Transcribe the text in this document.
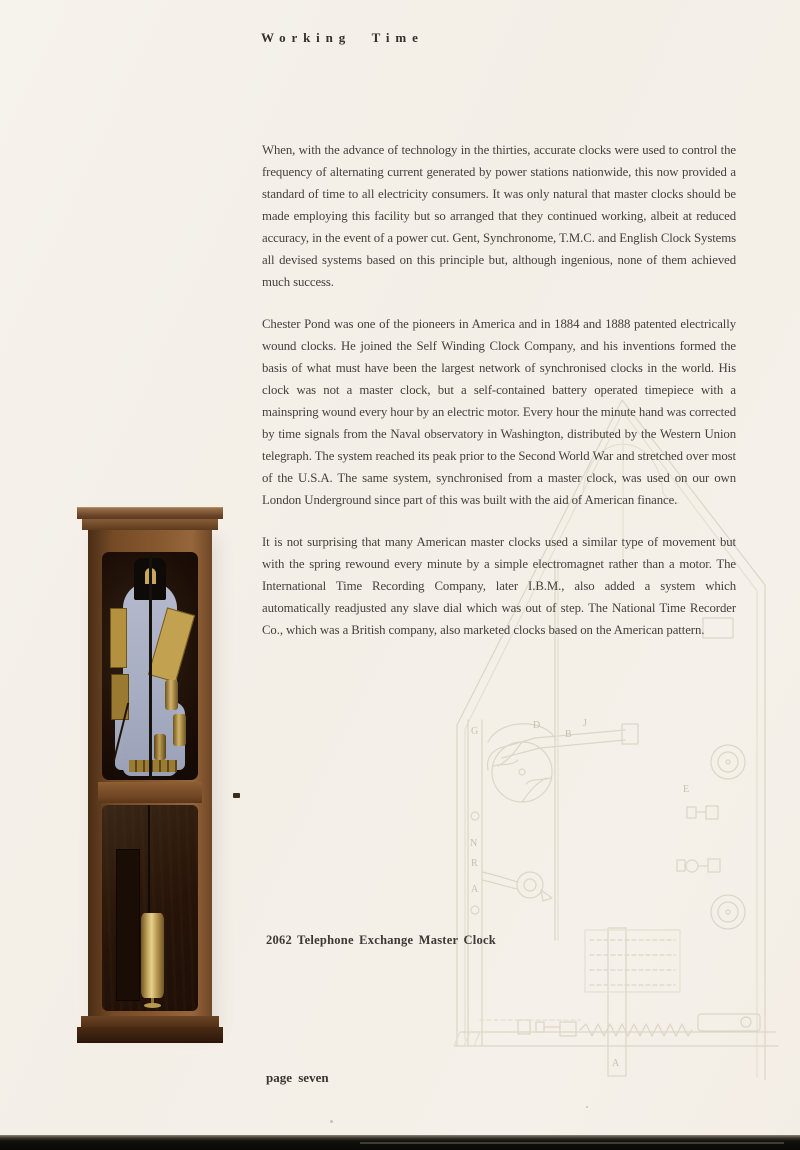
G
N
R
A
D
B
J
A
E
Working Time

When, with the advance of technology in the thirties, accurate clocks were used to control the frequency of alternating current generated by power stations nationwide, this now provided a standard of time to all electricity consumers. It was only natural that master clocks should be made employing this facility but so arranged that they continued working, albeit at reduced accuracy, in the event of a power cut. Gent, Synchronome, T.M.C. and English Clock Systems all devised systems based on this principle but, although ingenious, none of them achieved much success.

Chester Pond was one of the pioneers in America and in 1884 and 1888 patented electrically wound clocks. He joined the Self Winding Clock Company, and his inventions formed the basis of what must have been the largest network of synchronised clocks in the world. His clock was not a master clock, but a self-contained battery operated timepiece with a mainspring wound every hour by an electric motor. Every hour the minute hand was corrected by time signals from the Naval observatory in Washington, distributed by the Western Union telegraph. The system reached its peak prior to the Second World War and stretched over most of the U.S.A. The same system, synchronised from a master clock, was used on our own London Underground since part of this was built with the aid of American finance.

It is not surprising that many American master clocks used a similar type of movement but with the spring rewound every minute by a simple electromagnet rather than a motor. The International Time Recording Company, later I.B.M., also added a system which automatically readjusted any slave dial which was out of step. The National Time Recorder Co., which was a British company, also marketed clocks based on the American pattern.

2062 Telephone Exchange Master Clock
page seven
